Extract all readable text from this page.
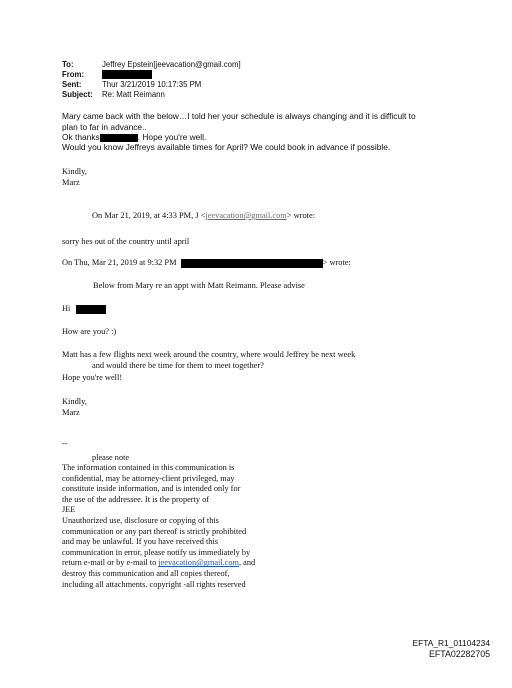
To:	Jeffrey Epstein[jeevacation@gmail.com]
From:
Sent:	Thur 3/21/2019 10:17:35 PM
Subject: Re: Matt Reimann
Mary came back with the below…I told her your schedule is always changing and it is difficult to
plan to far in advance..
Ok thanks	. Hope you're well.
Would you know Jeffreys available times for April? We could book in advance if possible.
Kindly,
Marz
On Mar 21, 2019, at 4:33 PM, J <jeevacation@gmail.com> wrote:
sorry hes out of the country until april
On Thu, Mar 21, 2019 at 9:32 PM	> wrote:
Below from Mary re an appt with Matt Reimann. Please advise
Hi
How are you? :)
Matt has a few flights next week around the country, where would Jeffrey be next week
and would there be time for them to meet together?
Hope you're well!
Kindly,
Marz
--
please note
The information contained in this communication is
confidential, may be attorney-client privileged, may
constitute inside information, and is intended only for
the use of the addressee. It is the property of
JEE
Unauthorized use, disclosure or copying of this
communication or any part thereof is strictly prohibited
and may be unlawful. If you have received this
communication in error, please notify us immediately by
return e-mail or by e-mail to jeevacation@gmail.com, and
destroy this communication and all copies thereof,
including all attachments. copyright -all rights reserved
EFTA_R1_01104234
EFTA02282705
